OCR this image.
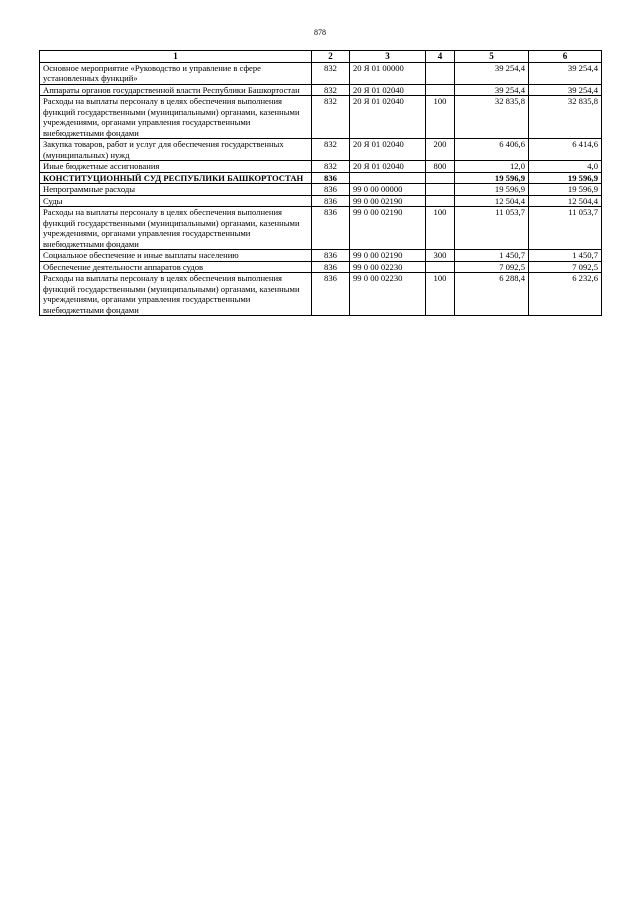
878
1	2	3	4	5	6
Основное мероприятие «Руководство и управление в сфере установленных функций»	832	20 Я 01 00000		39 254,4	39 254,4
Аппараты органов государственной власти Республики Башкортостан	832	20 Я 01 02040		39 254,4	39 254,4
Расходы на выплаты персоналу в целях обеспечения выполнения функций государственными (муниципальными) органами, казенными учреждениями, органами управления государственными внебюджетными фондами	832	20 Я 01 02040	100	32 835,8	32 835,8
Закупка товаров, работ и услуг для обеспечения государственных (муниципальных) нужд	832	20 Я 01 02040	200	6 406,6	6 414,6
Иные бюджетные ассигнования	832	20 Я 01 02040	800	12,0	4,0
КОНСТИТУЦИОННЫЙ СУД РЕСПУБЛИКИ БАШКОРТОСТАН	836			19 596,9	19 596,9
Непрограммные расходы	836	99 0 00 00000		19 596,9	19 596,9
Суды	836	99 0 00 02190		12 504,4	12 504,4
Расходы на выплаты персоналу в целях обеспечения выполнения функций государственными (муниципальными) органами, казенными учреждениями, органами управления государственными внебюджетными фондами	836	99 0 00 02190	100	11 053,7	11 053,7
Социальное обеспечение и иные выплаты населению	836	99 0 00 02190	300	1 450,7	1 450,7
Обеспечение деятельности аппаратов судов	836	99 0 00 02230		7 092,5	7 092,5
Расходы на выплаты персоналу в целях обеспечения выполнения функций государственными (муниципальными) органами, казенными учреждениями, органами управления государственными внебюджетными фондами	836	99 0 00 02230	100	6 288,4	6 232,6
